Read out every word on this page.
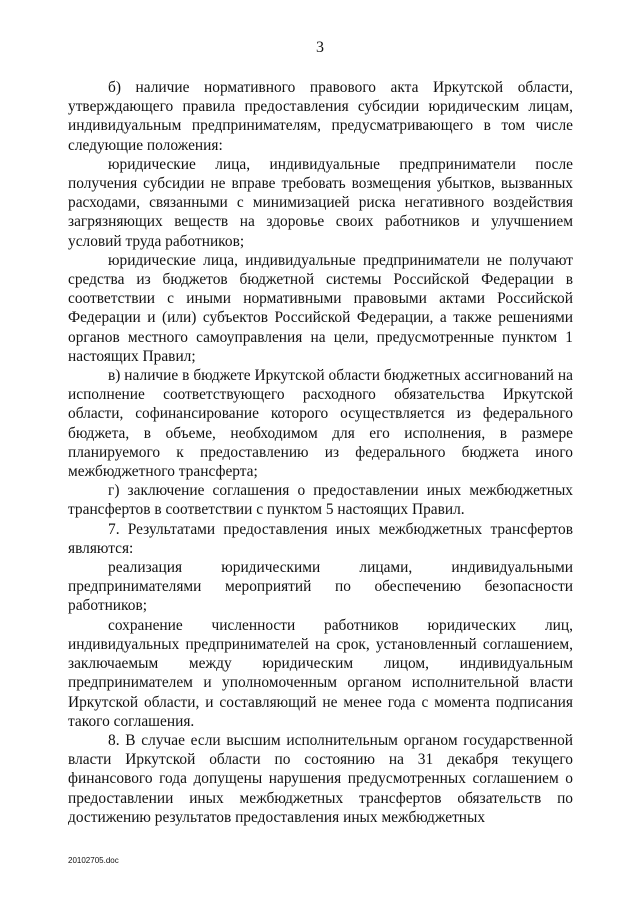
3

б) наличие нормативного правового акта Иркутской области, утверждающего правила предоставления субсидии юридическим лицам, индивидуальным предпринимателям, предусматривающего в том числе следующие положения:

юридические лица, индивидуальные предприниматели после получения субсидии не вправе требовать возмещения убытков, вызванных расходами, связанными с минимизацией риска негативного воздействия загрязняющих веществ на здоровье своих работников и улучшением условий труда работников;

юридические лица, индивидуальные предприниматели не получают средства из бюджетов бюджетной системы Российской Федерации в соответствии с иными нормативными правовыми актами Российской Федерации и (или) субъектов Российской Федерации, а также решениями органов местного самоуправления на цели, предусмотренные пунктом 1 настоящих Правил;

в) наличие в бюджете Иркутской области бюджетных ассигнований на исполнение соответствующего расходного обязательства Иркутской области, софинансирование которого осуществляется из федерального бюджета, в объеме, необходимом для его исполнения, в размере планируемого к предоставлению из федерального бюджета иного межбюджетного трансферта;

г) заключение соглашения о предоставлении иных межбюджетных трансфертов в соответствии с пунктом 5 настоящих Правил.

7. Результатами предоставления иных межбюджетных трансфертов являются:

реализация юридическими лицами, индивидуальными предпринимателями мероприятий по обеспечению безопасности работников;

сохранение численности работников юридических лиц, индивидуальных предпринимателей на срок, установленный соглашением, заключаемым между юридическим лицом, индивидуальным предпринимателем и уполномоченным органом исполнительной власти Иркутской области, и составляющий не менее года с момента подписания такого соглашения.

8. В случае если высшим исполнительным органом государственной власти Иркутской области по состоянию на 31 декабря текущего финансового года допущены нарушения предусмотренных соглашением о предоставлении иных межбюджетных трансфертов обязательств по достижению результатов предоставления иных межбюджетных

20102705.doc
